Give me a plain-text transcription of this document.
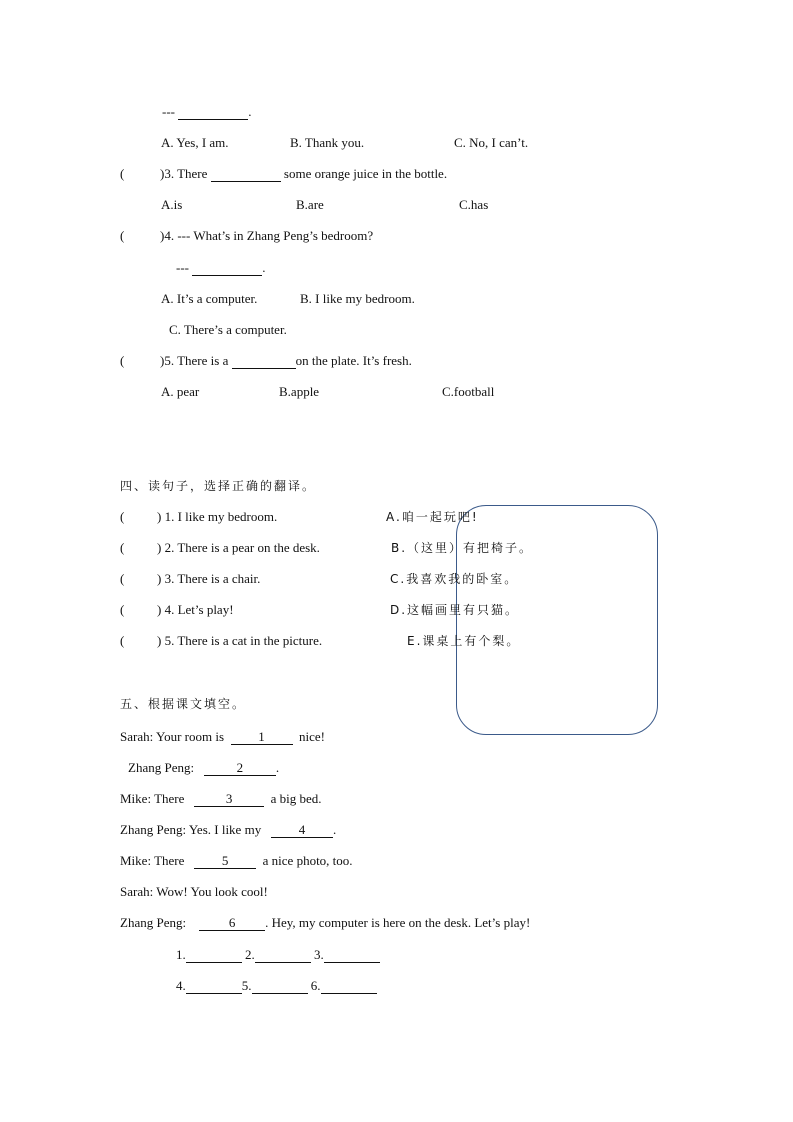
---	.
A. Yes, I am.	B. Thank you.	C. No, I can’t.
(	)3. There	some orange juice in the bottle.
A.is	B.are	C.has
(	)4. --- What’s in Zhang Peng’s bedroom?
---	.
A. It’s a computer.	B. I like my bedroom.
C. There’s a computer.
(	)5. There is a	on the plate. It’s fresh.
A. pear	B.apple	C.football
四、读句子，选择正确的翻译。
(	) 1. I like my bedroom.	A.咱一起玩吧!
(	) 2. There is a pear on the desk.	B.（这里）有把椅子。
(	) 3. There is a chair.	C.我喜欢我的卧室。
(	) 4. Let’s play!	D.这幅画里有只猫。
(	) 5. There is a cat in the picture.	E.课桌上有个梨。
五、根据课文填空。
Sarah: Your room is	1	nice!
Zhang Peng:	2	.
Mike: There	3	a big bed.
Zhang Peng: Yes. I like my	4 .
Mike: There	5	a nice photo, too.
Sarah: Wow! You look cool!
Zhang Peng:	6 . Hey, my computer is here on the desk. Let’s play!
1.	2.	3.
4.	5.	6.
